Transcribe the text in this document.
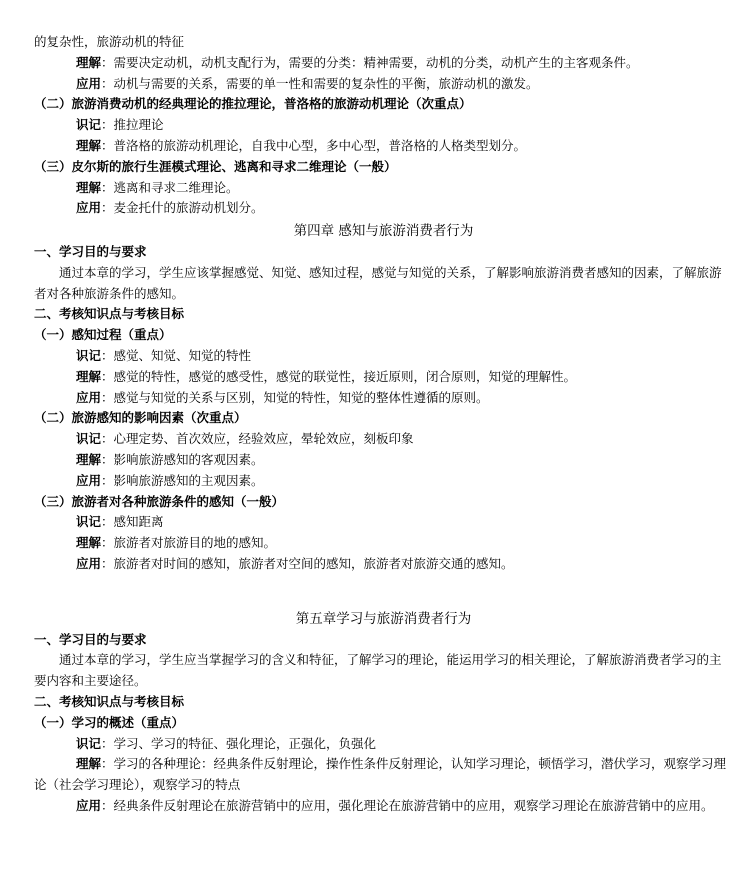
的复杂性，旅游动机的特征
理解：需要决定动机，动机支配行为，需要的分类：精神需要，动机的分类，动机产生的主客观条件。
应用：动机与需要的关系，需要的单一性和需要的复杂性的平衡，旅游动机的激发。
（二）旅游消费动机的经典理论的推拉理论，普洛格的旅游动机理论（次重点）
识记：推拉理论
理解：普洛格的旅游动机理论，自我中心型，多中心型，普洛格的人格类型划分。
（三）皮尔斯的旅行生涯模式理论、逃离和寻求二维理论（一般）
理解：逃离和寻求二维理论。
应用：麦金托什的旅游动机划分。
第四章 感知与旅游消费者行为
一、学习目的与要求
通过本章的学习，学生应该掌握感觉、知觉、感知过程，感觉与知觉的关系，了解影响旅游消费者感知的因素，了解旅游者对各种旅游条件的感知。
二、考核知识点与考核目标
（一）感知过程（重点）
识记：感觉、知觉、知觉的特性
理解：感觉的特性，感觉的感受性，感觉的联觉性，接近原则，闭合原则，知觉的理解性。
应用：感觉与知觉的关系与区别，知觉的特性，知觉的整体性遵循的原则。
（二）旅游感知的影响因素（次重点）
识记：心理定势、首次效应，经验效应，晕轮效应，刻板印象
理解：影响旅游感知的客观因素。
应用：影响旅游感知的主观因素。
（三）旅游者对各种旅游条件的感知（一般）
识记：感知距离
理解：旅游者对旅游目的地的感知。
应用：旅游者对时间的感知，旅游者对空间的感知，旅游者对旅游交通的感知。
第五章学习与旅游消费者行为
一、学习目的与要求
通过本章的学习，学生应当掌握学习的含义和特征，了解学习的理论，能运用学习的相关理论，了解旅游消费者学习的主要内容和主要途径。
二、考核知识点与考核目标
（一）学习的概述（重点）
识记：学习、学习的特征、强化理论，正强化，负强化
理解：学习的各种理论：经典条件反射理论，操作性条件反射理论，认知学习理论，顿悟学习，潜伏学习，观察学习理论（社会学习理论），观察学习的特点
应用：经典条件反射理论在旅游营销中的应用，强化理论在旅游营销中的应用，观察学习理论在旅游营销中的应用。
